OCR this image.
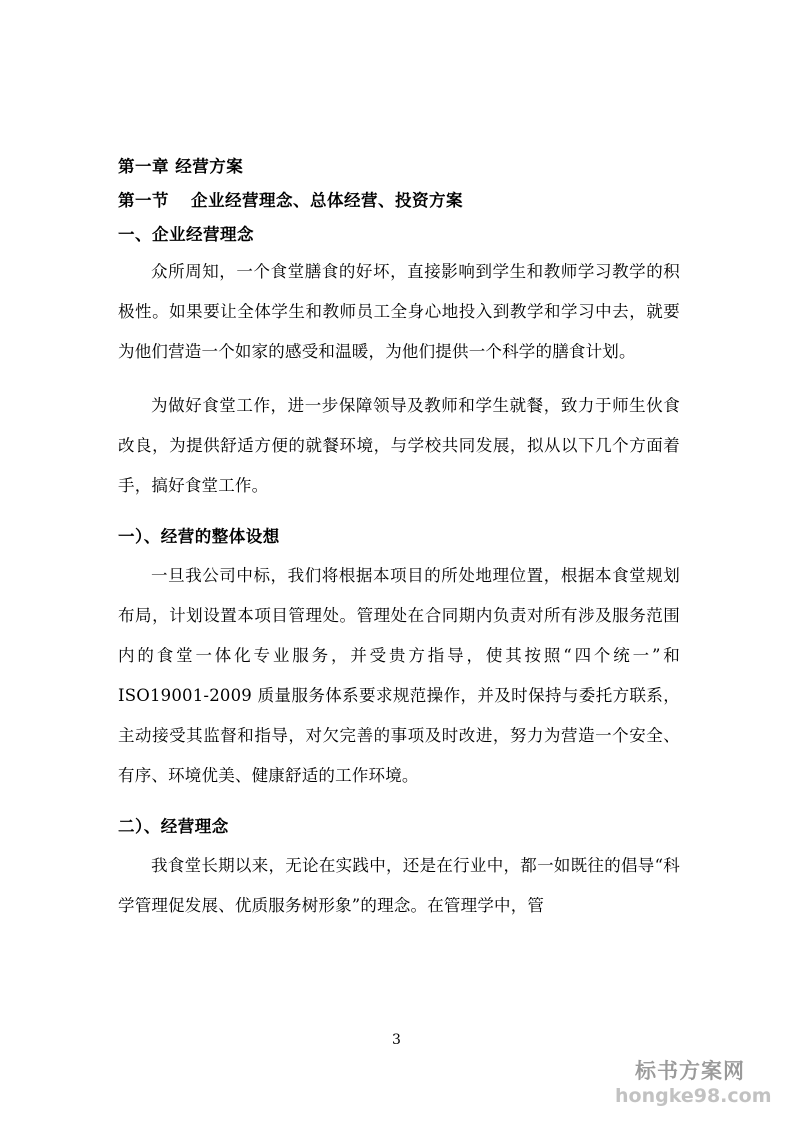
第一章 经营方案
第一节 企业经营理念、总体经营、投资方案
一、企业经营理念
众所周知，一个食堂膳食的好坏，直接影响到学生和教师学习教学的积极性。如果要让全体学生和教师员工全身心地投入到教学和学习中去，就要为他们营造一个如家的感受和温暖，为他们提供一个科学的膳食计划。
为做好食堂工作，进一步保障领导及教师和学生就餐，致力于师生伙食改良，为提供舒适方便的就餐环境，与学校共同发展，拟从以下几个方面着手，搞好食堂工作。
一）、经营的整体设想
一旦我公司中标，我们将根据本项目的所处地理位置，根据本食堂规划布局，计划设置本项目管理处。管理处在合同期内负责对所有涉及服务范围内的食堂一体化专业服务，并受贵方指导，使其按照“四个统一”和 ISO19001-2009 质量服务体系要求规范操作，并及时保持与委托方联系，主动接受其监督和指导，对欠完善的事项及时改进，努力为营造一个安全、有序、环境优美、健康舒适的工作环境。
二）、经营理念
我食堂长期以来，无论在实践中，还是在行业中，都一如既往的倡导“科学管理促发展、优质服务树形象”的理念。在管理学中，管
3
标书方案网
hongke98.com
